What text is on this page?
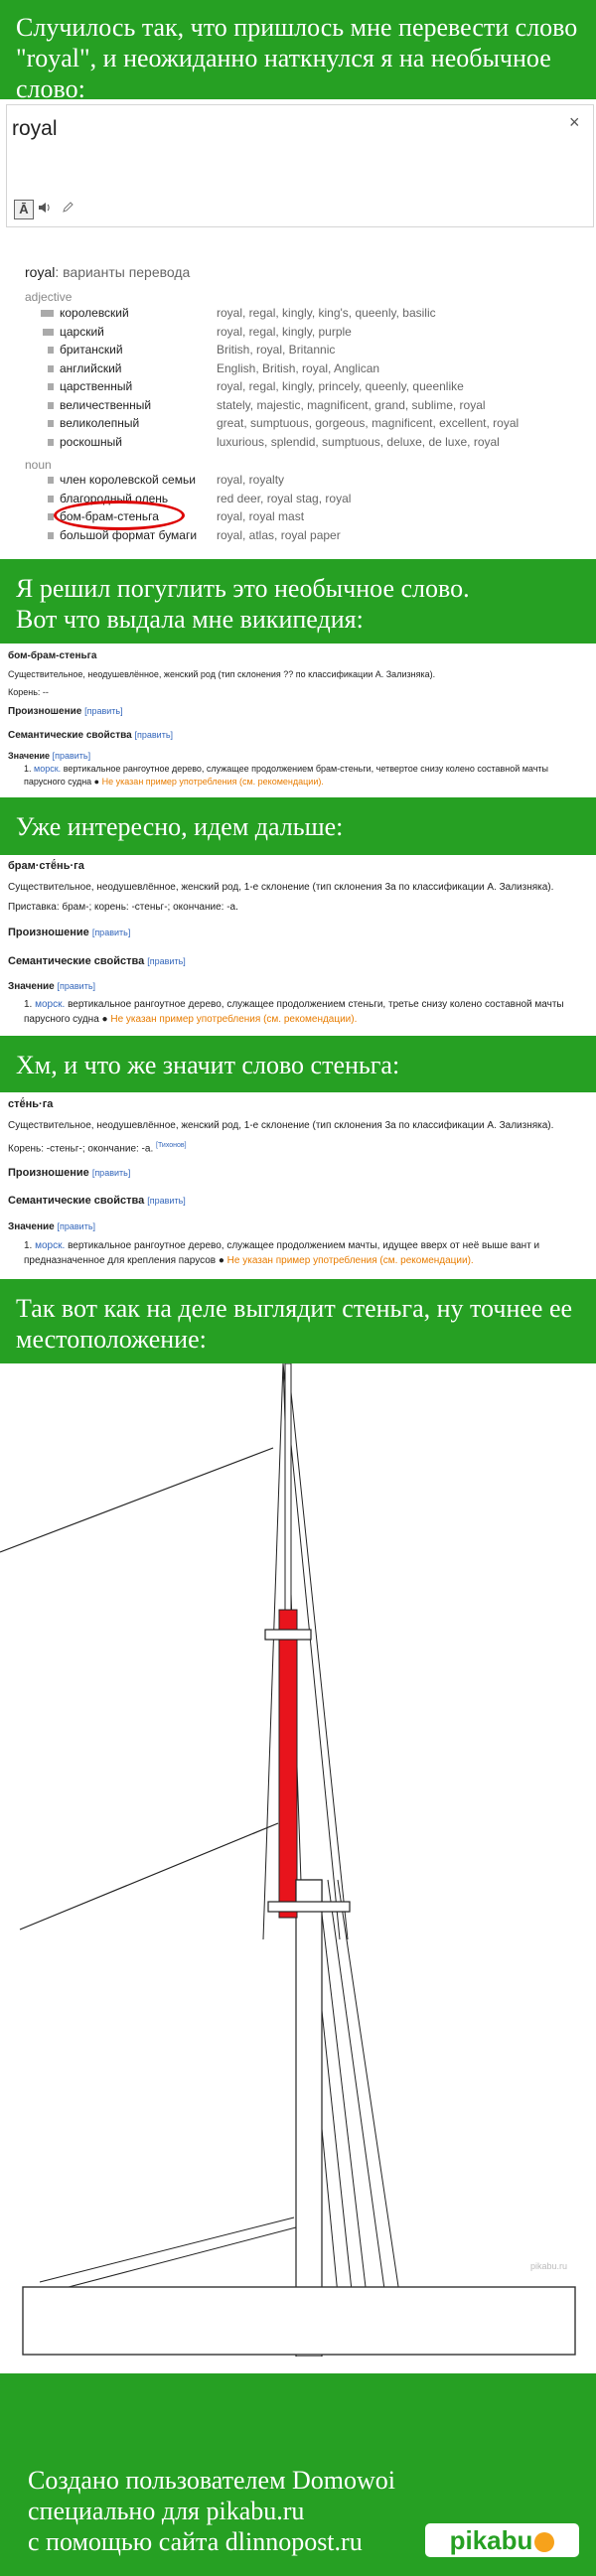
Случилось так, что пришлось мне перевести слово
"royal", и неожиданно наткнулся я на необычное
слово:
royal	×
Ā
royal: варианты перевода
adjective
королевский	royal, regal, kingly, king's, queenly, basilic
царский	royal, regal, kingly, purple
британский	British, royal, Britannic
английский	English, British, royal, Anglican
царственный	royal, regal, kingly, princely, queenly, queenlike
величественный	stately, majestic, magnificent, grand, sublime, royal
великолепный	great, sumptuous, gorgeous, magnificent, excellent, royal
роскошный	luxurious, splendid, sumptuous, deluxe, de luxe, royal
noun
член королевской семьи royal, royalty
благородный олень	red deer, royal stag, royal
бом-брам-стеньга	royal, royal mast
большой формат бумаги royal, atlas, royal paper
Я решил погуглить это необычное слово.
Вот что выдала мне википедия:
бом-брам-стеньга
Существительное, неодушевлённое, женский род (тип склонения ?? по классификации А. Зализняка).
Корень: --
Произношение [править]
Семантические свойства [править]
Значение [править]
1. морск. вертикальное рангоутное дерево, служащее продолжением брам-стеньги, четвертое снизу колено составной мачты парусного судна ● Не указан пример употребления (см. рекомендации).
Уже интересно, идем дальше:
брам·стё́нь·га
Существительное, неодушевлённое, женский род, 1-е склонение (тип склонения 3a по классификации А. Зализняка).
Приставка: брам-; корень: -стеньг-; окончание: -а.
Произношение [править]
Семантические свойства [править]
Значение [править]
1. морск. вертикальное рангоутное дерево, служащее продолжением стеньги, третье снизу колено составной мачты парусного судна ● Не указан пример употребления (см. рекомендации).
Хм, и что же значит слово стеньга:
стё́нь·га
Существительное, неодушевлённое, женский род, 1-е склонение (тип склонения 3a по классификации А. Зализняка).
Корень: -стеньг-; окончание: -а. [Тихонов]
Произношение [править]
Семантические свойства [править]
Значение [править]
1. морск. вертикальное рангоутное дерево, служащее продолжением мачты, идущее вверх от неё выше вант и предназначенное для крепления парусов ● Не указан пример употребления (см. рекомендации).
Так вот как на деле выглядит стеньга, ну точнее ее
местоположение:
pikabu.ru
Создано пользователем Domowoi
специально для pikabu.ru
с помощью сайта dlinnopost.ru	pikabu
